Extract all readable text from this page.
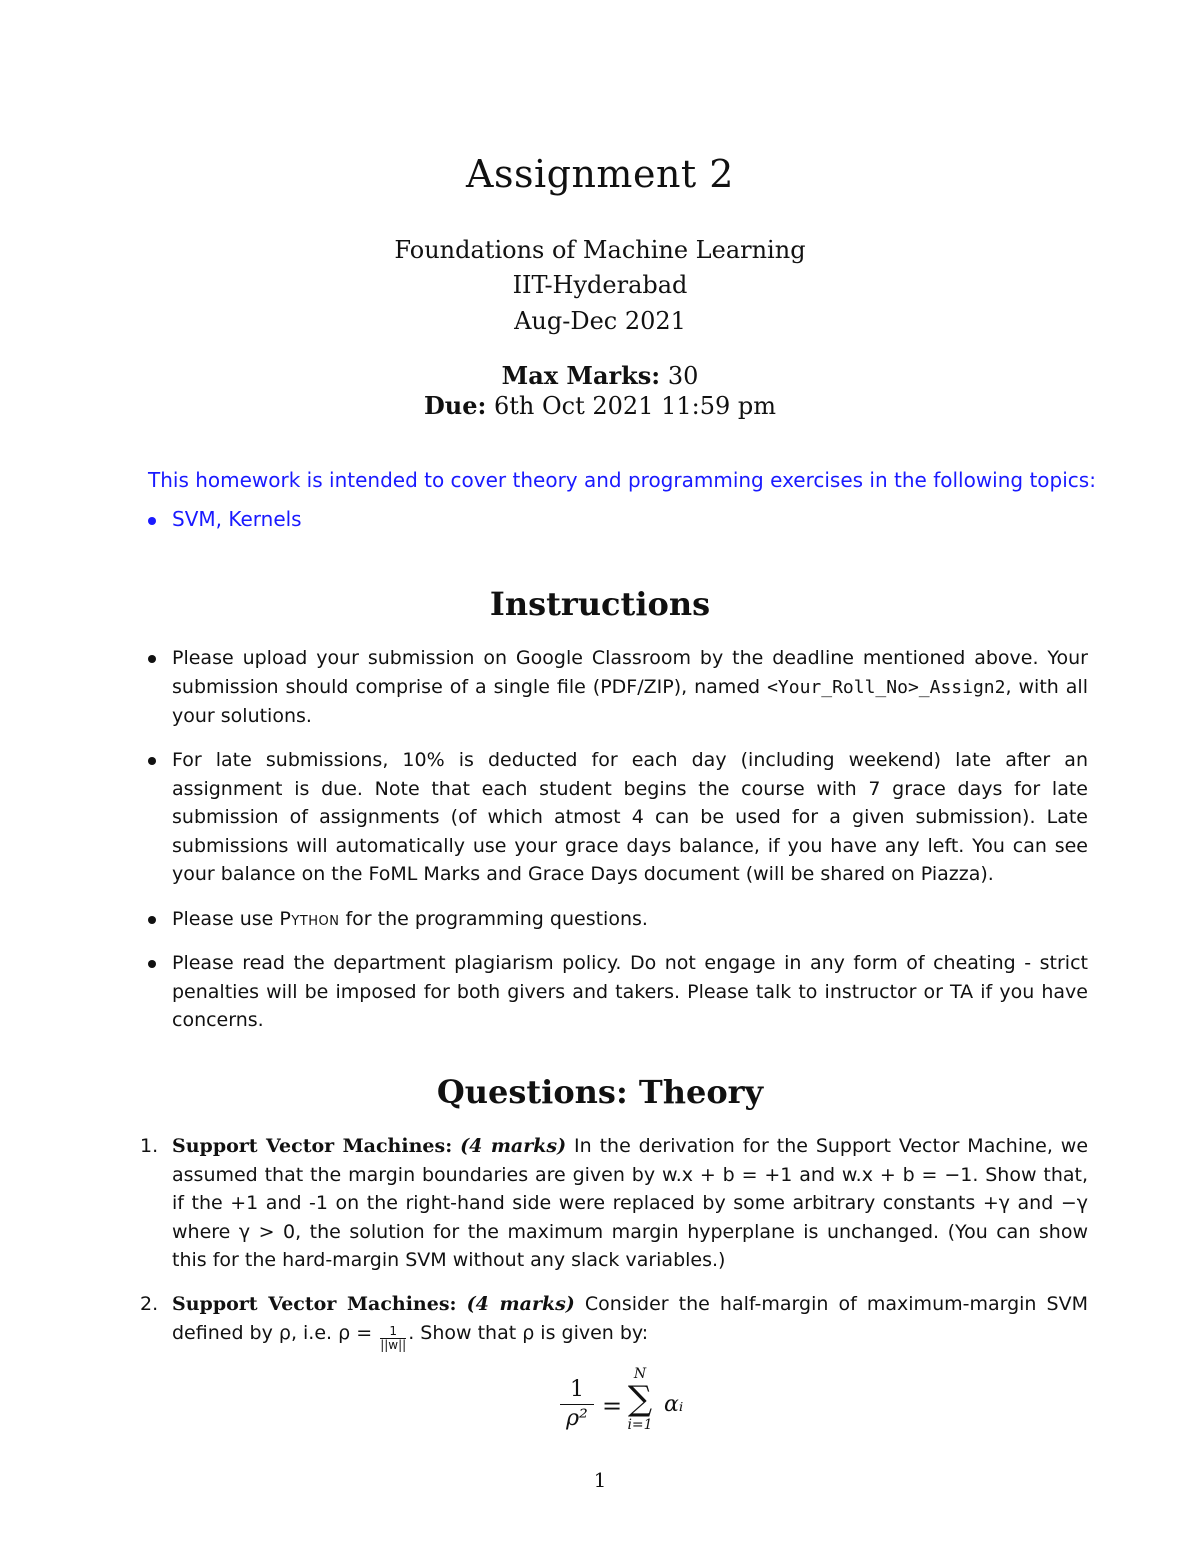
Assignment 2
Foundations of Machine Learning
IIT-Hyderabad
Aug-Dec 2021
Max Marks: 30
Due: 6th Oct 2021 11:59 pm
This homework is intended to cover theory and programming exercises in the following topics:
SVM, Kernels
Instructions
Please upload your submission on Google Classroom by the deadline mentioned above. Your submission should comprise of a single file (PDF/ZIP), named <Your_Roll_No>_Assign2, with all your solutions.
For late submissions, 10% is deducted for each day (including weekend) late after an assignment is due. Note that each student begins the course with 7 grace days for late submission of assignments (of which atmost 4 can be used for a given submission). Late submissions will automatically use your grace days balance, if you have any left. You can see your balance on the FoML Marks and Grace Days document (will be shared on Piazza).
Please use Python for the programming questions.
Please read the department plagiarism policy. Do not engage in any form of cheating - strict penalties will be imposed for both givers and takers. Please talk to instructor or TA if you have concerns.
Questions: Theory
1. Support Vector Machines: (4 marks) In the derivation for the Support Vector Machine, we assumed that the margin boundaries are given by w.x + b = +1 and w.x + b = −1. Show that, if the +1 and -1 on the right-hand side were replaced by some arbitrary constants +γ and −γ where γ > 0, the solution for the maximum margin hyperplane is unchanged. (You can show this for the hard-margin SVM without any slack variables.)
2. Support Vector Machines: (4 marks) Consider the half-margin of maximum-margin SVM defined by ρ, i.e. $\rho = \frac{1}{||w||}$ . Show that ρ is given by:
$\frac{1}{\text{ρ²}}$ =
N
∑
i=1
αᵢ
1
